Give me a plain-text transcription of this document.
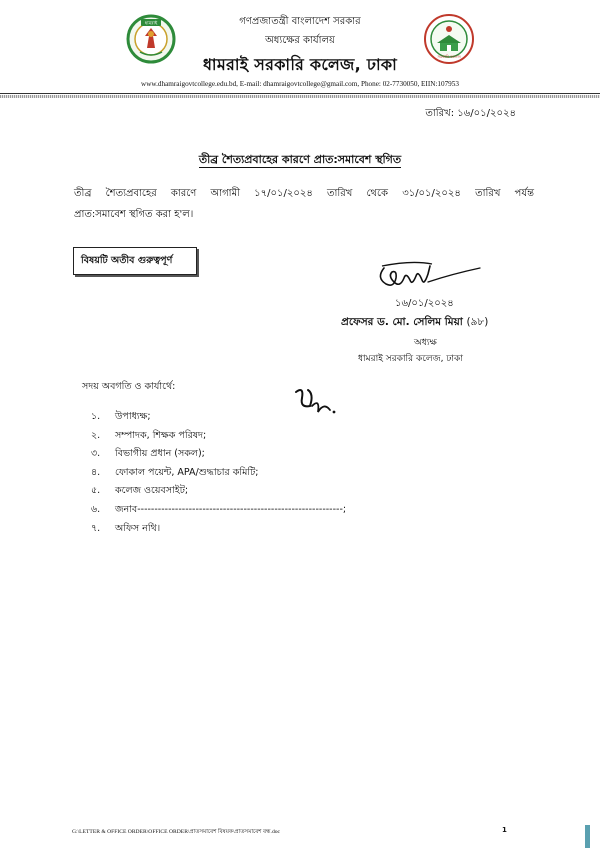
ধামরাই
সরকারি কলেজ
গণপ্রজাতন্ত্রী বাংলাদেশ সরকার
অধ্যক্ষের কার্যালয়
ধামরাই সরকারি কলেজ, ঢাকা
www.dhamraigovtcollege.edu.bd, E-mail: dhamraigovtcollege@gmail.com, Phone: 02-7730050, EIIN:107953
তারিখ: ১৬/০১/২০২৪
তীব্র শৈত্যপ্রবাহের কারণে প্রাত:সমাবেশ স্থগিত
তীব্র শৈত্যপ্রবাহের কারণে আগামী ১৭/০১/২০২৪ তারিখ থেকে ৩১/০১/২০২৪ তারিখ পর্যন্ত
প্রাত:সমাবেশ স্থগিত করা হ'ল।
বিষয়টি অতীব গুরুত্বপূর্ণ
১৬/০১/২০২৪
প্রফেসর ড. মো. সেলিম মিয়া (৯৮)
অধ্যক্ষ
ধামরাই সরকারি কলেজ, ঢাকা
সদয় অবগতি ও কার্যার্থে:
১. উপাধ্যক্ষ;
২. সম্পাদক, শিক্ষক পরিষদ;
৩. বিভাগীয় প্রধান (সকল);
৪. ফোকাল পয়েন্ট, APA/শুদ্ধাচার কমিটি;
৫. কলেজ ওয়েবসাইট;
৬. জনাব------------------------------------------------------------;
৭. অফিস নথি।
G:\LETTER & OFFICE ORDER\OFFICE ORDER\প্রাতসমাবেশ বিষয়ক\প্রাতসমাবেশ বন্ধ.doc	1
